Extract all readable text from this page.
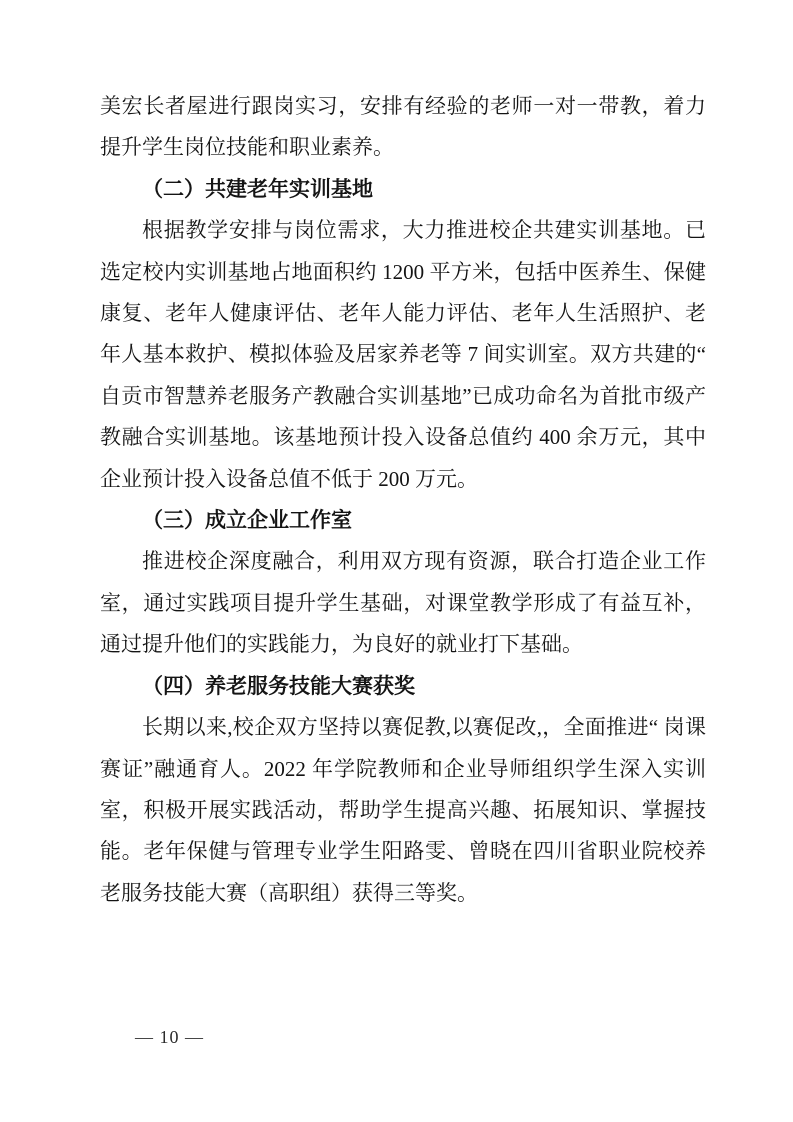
美宏长者屋进行跟岗实习，安排有经验的老师一对一带教，着力提升学生岗位技能和职业素养。

（二）共建老年实训基地

根据教学安排与岗位需求，大力推进校企共建实训基地。已选定校内实训基地占地面积约 1200 平方米，包括中医养生、保健康复、老年人健康评估、老年人能力评估、老年人生活照护、老年人基本救护、模拟体验及居家养老等 7 间实训室。双方共建的“ 自贡市智慧养老服务产教融合实训基地”已成功命名为首批市级产教融合实训基地。该基地预计投入设备总值约 400 余万元，其中企业预计投入设备总值不低于 200 万元。

（三）成立企业工作室

推进校企深度融合，利用双方现有资源，联合打造企业工作室，通过实践项目提升学生基础，对课堂教学形成了有益互补，通过提升他们的实践能力，为良好的就业打下基础。

（四）养老服务技能大赛获奖

长期以来,校企双方坚持以赛促教,以赛促改,，全面推进“ 岗课赛证”融通育人。2022 年学院教师和企业导师组织学生深入实训室，积极开展实践活动，帮助学生提高兴趣、拓展知识、掌握技能。老年保健与管理专业学生阳路雯、曾晓在四川省职业院校养老服务技能大赛（高职组）获得三等奖。

— 10 —
